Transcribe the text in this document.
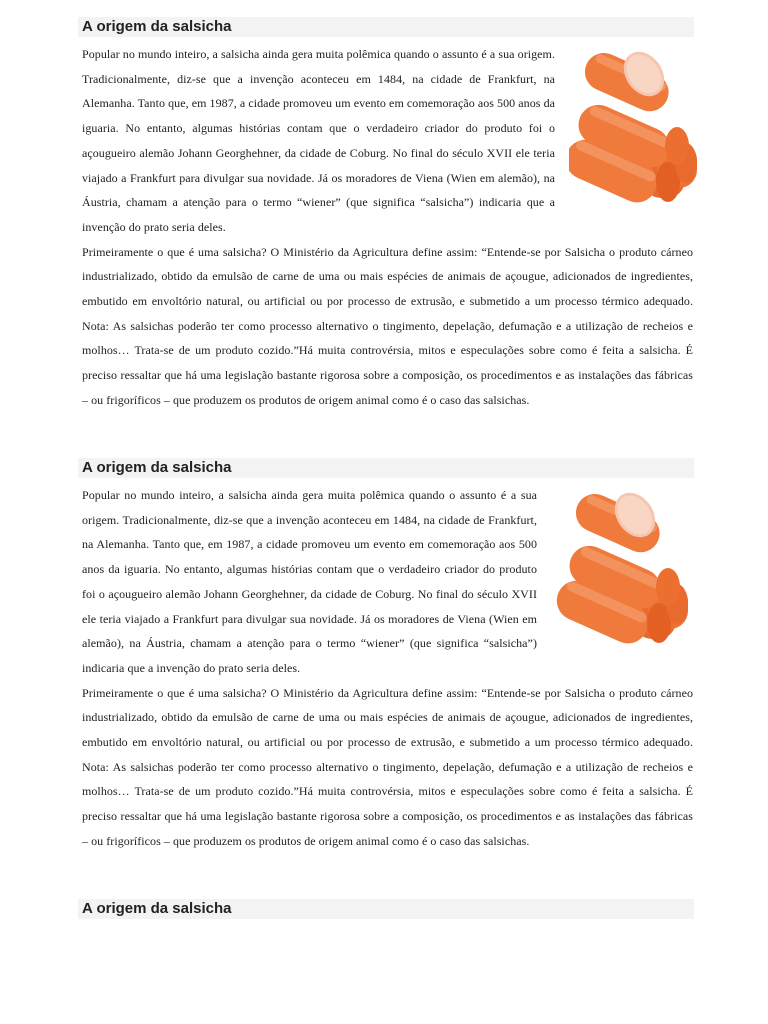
A origem da salsicha

Popular no mundo inteiro, a salsicha ainda gera muita polêmica quando o assunto é a sua origem. Tradicionalmente, diz-se que a invenção aconteceu em 1484, na cidade de Frankfurt, na Alemanha. Tanto que, em 1987, a cidade promoveu um evento em comemoração aos 500 anos da iguaria. No entanto, algumas histórias contam que o verdadeiro criador do produto foi o açougueiro alemão Johann Georghehner, da cidade de Coburg. No final do século XVII ele teria viajado a Frankfurt para divulgar sua novidade. Já os moradores de Viena (Wien em alemão), na Áustria, chamam a atenção para o termo “wiener” (que significa “salsicha”) indicaria que a invenção do prato seria deles.

Primeiramente o que é uma salsicha? O Ministério da Agricultura define assim: “Entende-se por Salsicha o produto cárneo industrializado, obtido da emulsão de carne de uma ou mais espécies de animais de açougue, adicionados de ingredientes, embutido em envoltório natural, ou artificial ou por processo de extrusão, e submetido a um processo térmico adequado. Nota: As salsichas poderão ter como processo alternativo o tingimento, depelação, defumação e a utilização de recheios e molhos… Trata-se de um produto cozido.”Há muita controvérsia, mitos e especulações sobre como é feita a salsicha. É preciso ressaltar que há uma legislação bastante rigorosa sobre a composição, os procedimentos e as instalações das fábricas – ou frigoríficos – que produzem os produtos de origem animal como é o caso das salsichas.

A origem da salsicha

Popular no mundo inteiro, a salsicha ainda gera muita polêmica quando o assunto é a sua origem. Tradicionalmente, diz-se que a invenção aconteceu em 1484, na cidade de Frankfurt, na Alemanha. Tanto que, em 1987, a cidade promoveu um evento em comemoração aos 500 anos da iguaria. No entanto, algumas histórias contam que o verdadeiro criador do produto foi o açougueiro alemão Johann Georghehner, da cidade de Coburg. No final do século XVII ele teria viajado a Frankfurt para divulgar sua novidade. Já os moradores de Viena (Wien em alemão), na Áustria, chamam a atenção para o termo “wiener” (que significa “salsicha”) indicaria que a invenção do prato seria deles.

Primeiramente o que é uma salsicha? O Ministério da Agricultura define assim: “Entende-se por Salsicha o produto cárneo industrializado, obtido da emulsão de carne de uma ou mais espécies de animais de açougue, adicionados de ingredientes, embutido em envoltório natural, ou artificial ou por processo de extrusão, e submetido a um processo térmico adequado. Nota: As salsichas poderão ter como processo alternativo o tingimento, depelação, defumação e a utilização de recheios e molhos… Trata-se de um produto cozido.”Há muita controvérsia, mitos e especulações sobre como é feita a salsicha. É preciso ressaltar que há uma legislação bastante rigorosa sobre a composição, os procedimentos e as instalações das fábricas – ou frigoríficos – que produzem os produtos de origem animal como é o caso das salsichas.

A origem da salsicha
